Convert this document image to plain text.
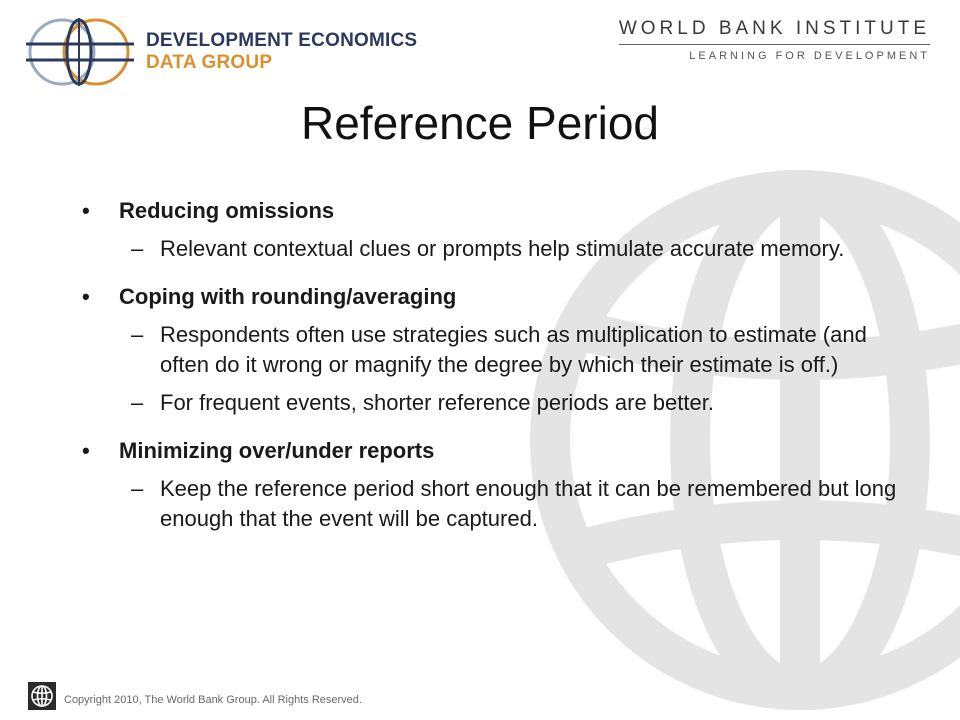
DEVELOPMENT ECONOMICS
DATA GROUP
WORLD BANK INSTITUTE
LEARNING FOR DEVELOPMENT
Reference Period
• Reducing omissions
– Relevant contextual clues or prompts help stimulate accurate memory.
• Coping with rounding/averaging
– Respondents often use strategies such as multiplication to estimate (and often do it wrong or magnify the degree by which their estimate is off.)
– For frequent events, shorter reference periods are better.
• Minimizing over/under reports
– Keep the reference period short enough that it can be remembered but long enough that the event will be captured.
Copyright 2010, The World Bank Group. All Rights Reserved.
